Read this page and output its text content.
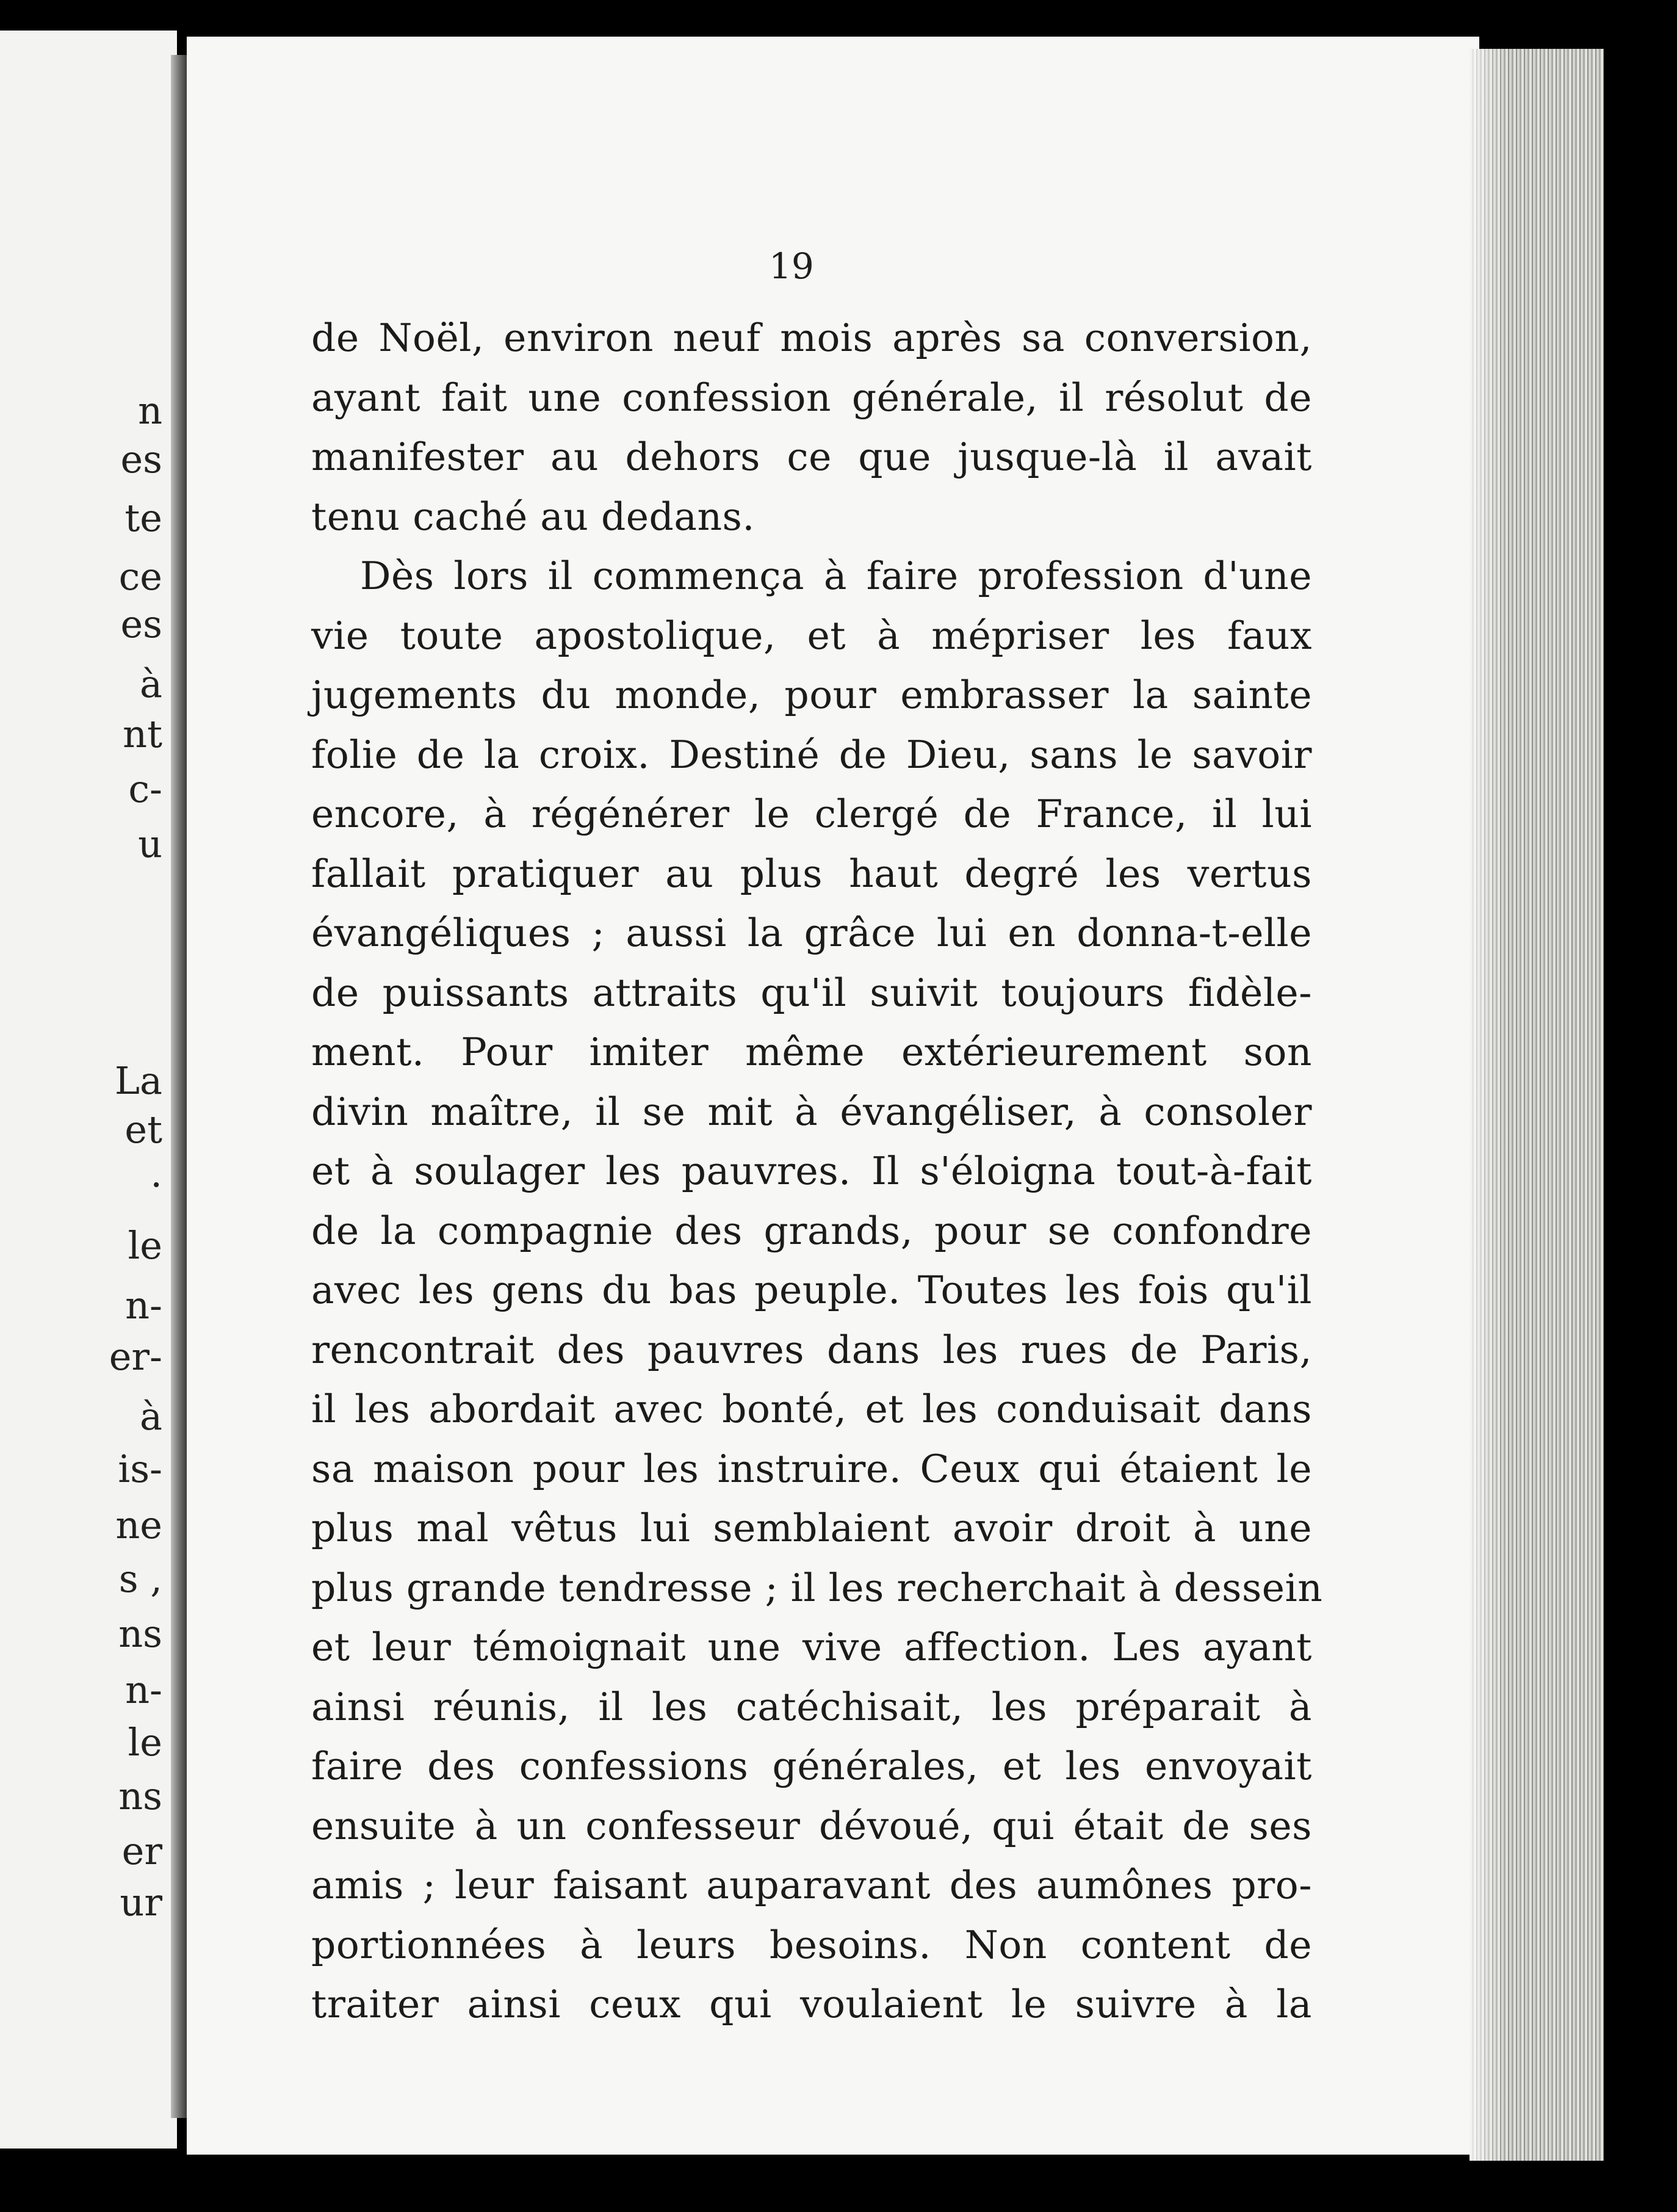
n
es
te
ce
es
à
nt
c-
u
La
et
.
le
n-
er-
à
is-
ne
s ,
ns
n-
le
ns
er
ur
19
de Noël, environ neuf mois après sa conversion,
ayant fait une confession générale, il résolut de
manifester au dehors ce que jusque-là il avait
tenu caché au dedans.
Dès lors il commença à faire profession d'une
vie toute apostolique, et à mépriser les faux
jugements du monde, pour embrasser la sainte
folie de la croix. Destiné de Dieu, sans le savoir
encore, à régénérer le clergé de France, il lui
fallait pratiquer au plus haut degré les vertus
évangéliques ; aussi la grâce lui en donna-t-elle
de puissants attraits qu'il suivit toujours fidèle-
ment. Pour imiter même extérieurement son
divin maître, il se mit à évangéliser, à consoler
et à soulager les pauvres. Il s'éloigna tout-à-fait
de la compagnie des grands, pour se confondre
avec les gens du bas peuple. Toutes les fois qu'il
rencontrait des pauvres dans les rues de Paris,
il les abordait avec bonté, et les conduisait dans
sa maison pour les instruire. Ceux qui étaient le
plus mal vêtus lui semblaient avoir droit à une
plus grande tendresse ; il les recherchait à dessein
et leur témoignait une vive affection. Les ayant
ainsi réunis, il les catéchisait, les préparait à
faire des confessions générales, et les envoyait
ensuite à un confesseur dévoué, qui était de ses
amis ; leur faisant auparavant des aumônes pro-
portionnées à leurs besoins. Non content de
traiter ainsi ceux qui voulaient le suivre à la
